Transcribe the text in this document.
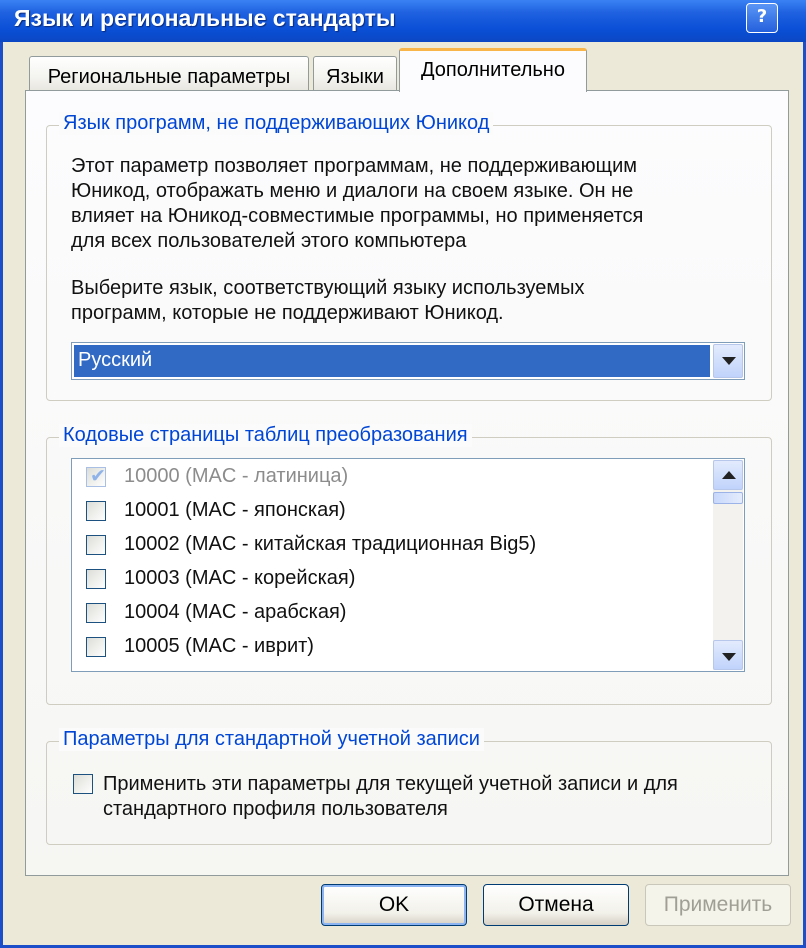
Язык и региональные стандарты	?
Региональные параметры	Языки	Дополнительно
Язык программ, не поддерживающих Юникод
Этот параметр позволяет программам, не поддерживающим
Юникод, отображать меню и диалоги на своем языке. Он не
влияет на Юникод-совместимые программы, но применяется
для всех пользователей этого компьютера
Выберите язык, соответствующий языку используемых
программ, которые не поддерживают Юникод.
Русский
Кодовые страницы таблиц преобразования
✔ 10000 (MAC - латиница)
10001 (MAC - японская)
10002 (MAC - китайская традиционная Big5)
10003 (MAC - корейская)
10004 (MAC - арабская)
10005 (MAC - иврит)
Параметры для стандартной учетной записи
Применить эти параметры для текущей учетной записи и для
стандартного профиля пользователя
OK	Отмена	Применить
